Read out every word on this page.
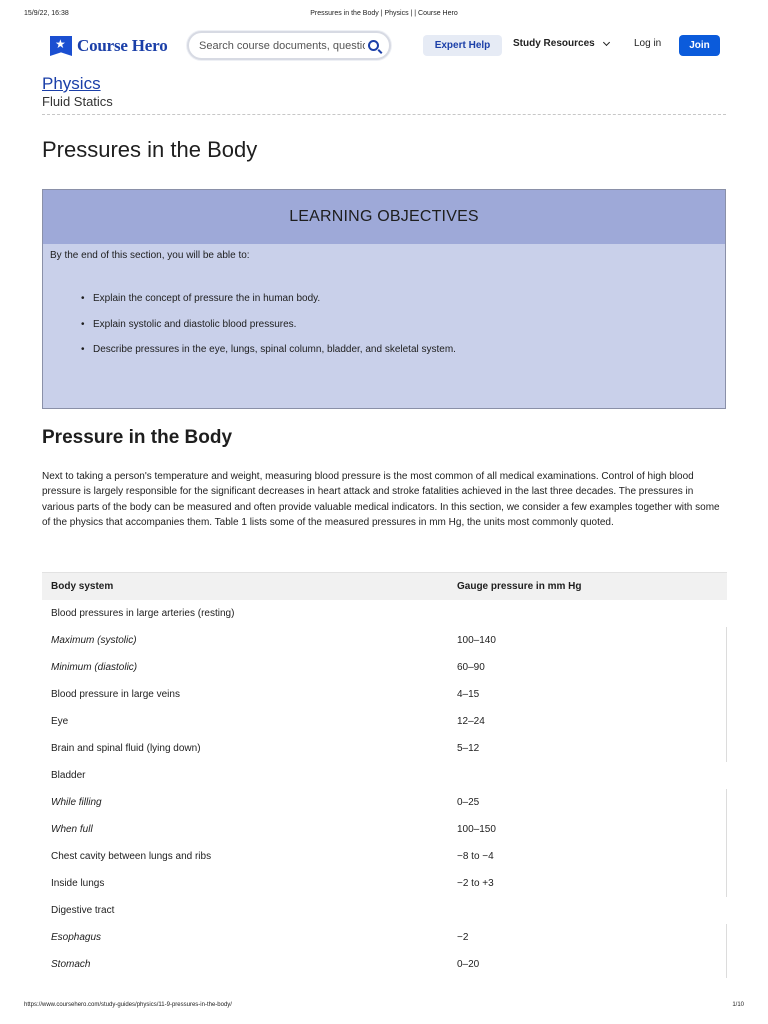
15/9/22, 16:38	Pressures in the Body | Physics | | Course Hero
★
Course Hero
Search course documents, questions	Expert Help	Study Resources	Log in	Join
Physics
Fluid Statics
Pressures in the Body
LEARNING OBJECTIVES
By the end of this section, you will be able to:
• Explain the concept of pressure the in human body.
• Explain systolic and diastolic blood pressures.
• Describe pressures in the eye, lungs, spinal column, bladder, and skeletal system.
Pressure in the Body

Next to taking a person's temperature and weight, measuring blood pressure is the most common of all medical examinations. Control of high blood pressure is largely responsible for the significant decreases in heart attack and stroke fatalities achieved in the last three decades. The pressures in various parts of the body can be measured and often provide valuable medical indicators. In this section, we consider a few examples together with some of the physics that accompanies them. Table 1 lists some of the measured pressures in mm Hg, the units most commonly quoted.

Body system	Gauge pressure in mm Hg
Blood pressures in large arteries (resting)
Maximum (systolic)	100–140
Minimum (diastolic)	60–90
Blood pressure in large veins	4–15
Eye	12–24
Brain and spinal fluid (lying down)	5–12
Bladder
While filling	0–25
When full	100–150
Chest cavity between lungs and ribs	−8 to −4
Inside lungs	−2 to +3
Digestive tract
Esophagus	−2
Stomach	0–20
https://www.coursehero.com/study-guides/physics/11-9-pressures-in-the-body/	1/10
